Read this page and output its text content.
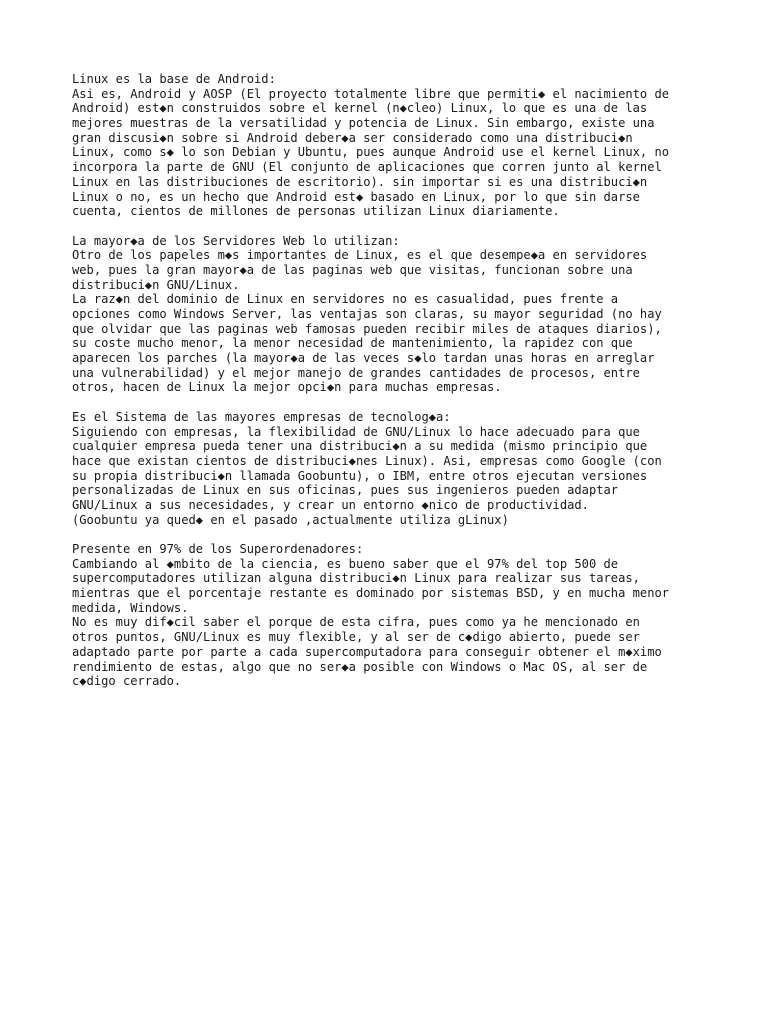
Linux es la base de Android:
Asi es, Android y AOSP (El proyecto totalmente libre que permiti◆ el nacimiento de
Android) est◆n construidos sobre el kernel (n◆cleo) Linux, lo que es una de las
mejores muestras de la versatilidad y potencia de Linux. Sin embargo, existe una
gran discusi◆n sobre si Android deber◆a ser considerado como una distribuci◆n
Linux, como s◆ lo son Debian y Ubuntu, pues aunque Android use el kernel Linux, no
incorpora la parte de GNU (El conjunto de aplicaciones que corren junto al kernel
Linux en las distribuciones de escritorio). sin importar si es una distribuci◆n
Linux o no, es un hecho que Android est◆ basado en Linux, por lo que sin darse
cuenta, cientos de millones de personas utilizan Linux diariamente.
La mayor◆a de los Servidores Web lo utilizan:
Otro de los papeles m◆s importantes de Linux, es el que desempe◆a en servidores
web, pues la gran mayor◆a de las paginas web que visitas, funcionan sobre una
distribuci◆n GNU/Linux.
La raz◆n del dominio de Linux en servidores no es casualidad, pues frente a
opciones como Windows Server, las ventajas son claras, su mayor seguridad (no hay
que olvidar que las paginas web famosas pueden recibir miles de ataques diarios),
su coste mucho menor, la menor necesidad de mantenimiento, la rapidez con que
aparecen los parches (la mayor◆a de las veces s◆lo tardan unas horas en arreglar
una vulnerabilidad) y el mejor manejo de grandes cantidades de procesos, entre
otros, hacen de Linux la mejor opci◆n para muchas empresas.
Es el Sistema de las mayores empresas de tecnolog◆a:
Siguiendo con empresas, la flexibilidad de GNU/Linux lo hace adecuado para que
cualquier empresa pueda tener una distribuci◆n a su medida (mismo principio que
hace que existan cientos de distribuci◆nes Linux). Asi, empresas como Google (con
su propia distribuci◆n llamada Goobuntu), o IBM, entre otros ejecutan versiones
personalizadas de Linux en sus oficinas, pues sus ingenieros pueden adaptar
GNU/Linux a sus necesidades, y crear un entorno ◆nico de productividad.
(Goobuntu ya qued◆ en el pasado ,actualmente utiliza gLinux)
Presente en 97% de los Superordenadores:
Cambiando al ◆mbito de la ciencia, es bueno saber que el 97% del top 500 de
supercomputadores utilizan alguna distribuci◆n Linux para realizar sus tareas,
mientras que el porcentaje restante es dominado por sistemas BSD, y en mucha menor
medida, Windows.
No es muy dif◆cil saber el porque de esta cifra, pues como ya he mencionado en
otros puntos, GNU/Linux es muy flexible, y al ser de c◆digo abierto, puede ser
adaptado parte por parte a cada supercomputadora para conseguir obtener el m◆ximo
rendimiento de estas, algo que no ser◆a posible con Windows o Mac OS, al ser de
c◆digo cerrado.
